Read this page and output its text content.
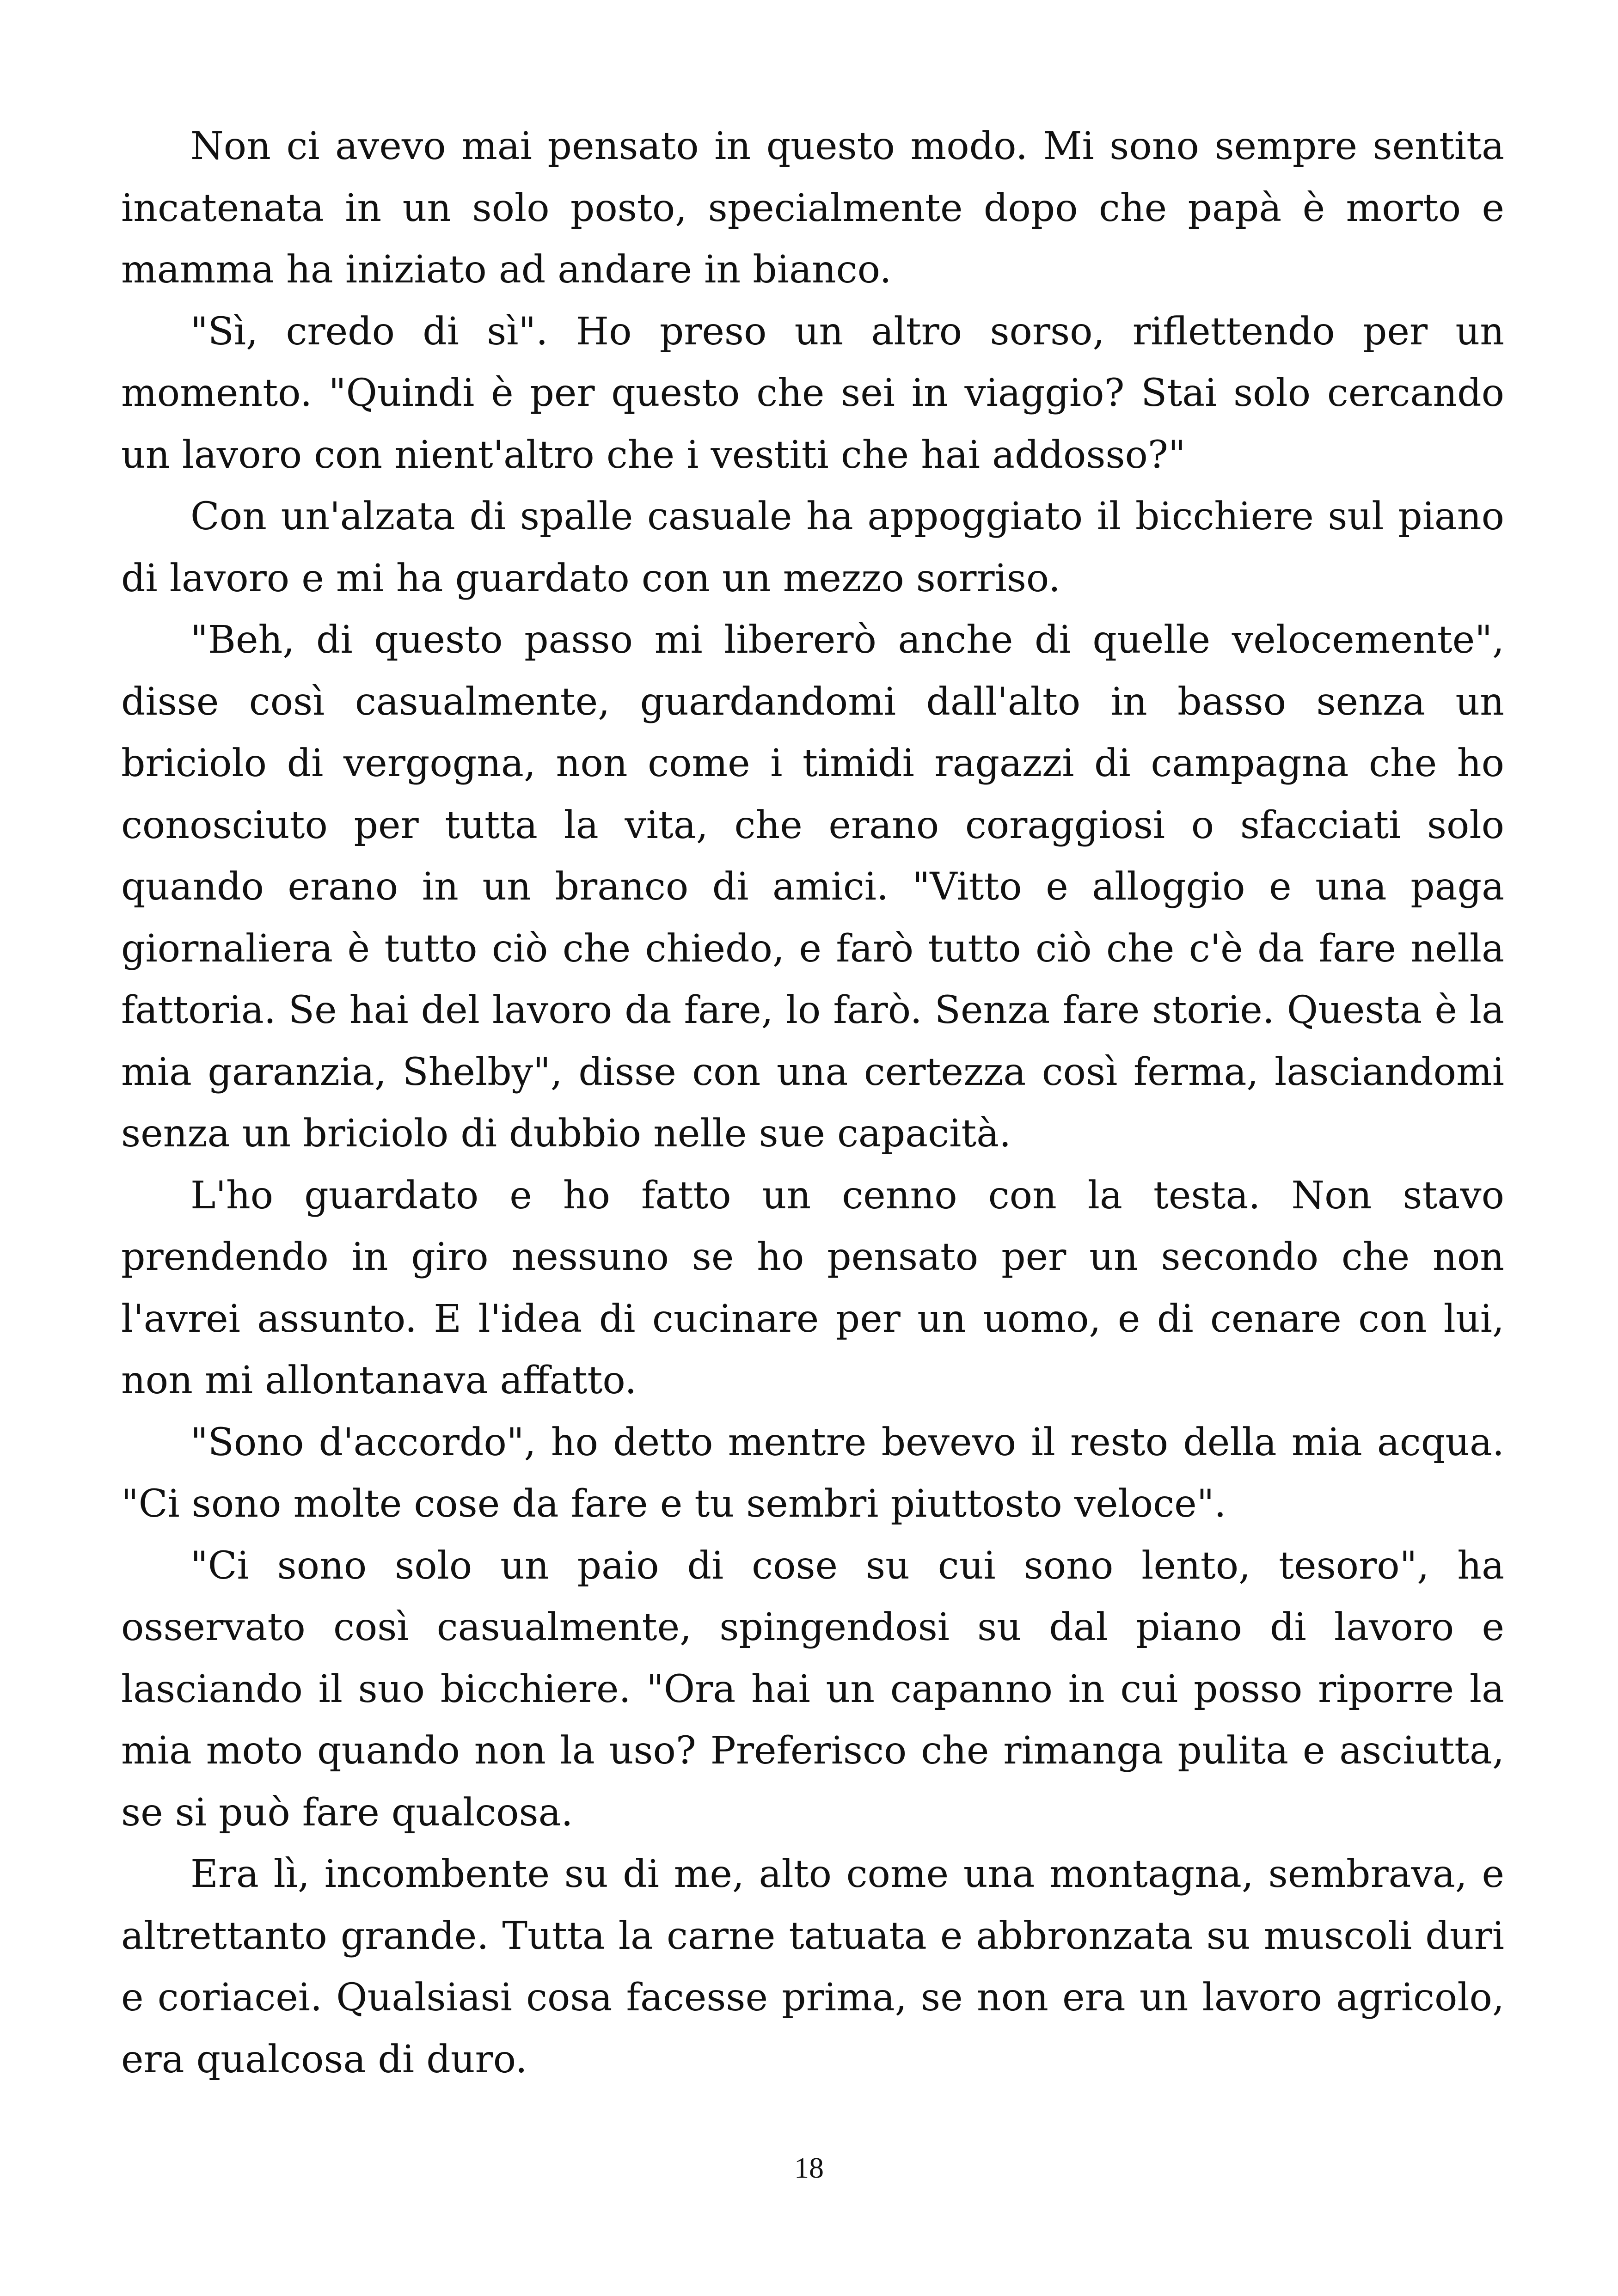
Non ci avevo mai pensato in questo modo. Mi sono sempre sentita incatenata in un solo posto, specialmente dopo che papà è morto e mamma ha iniziato ad andare in bianco.

"Sì, credo di sì". Ho preso un altro sorso, riflettendo per un momento. "Quindi è per questo che sei in viaggio? Stai solo cercando un lavoro con nient'altro che i vestiti che hai addosso?"

Con un'alzata di spalle casuale ha appoggiato il bicchiere sul piano di lavoro e mi ha guardato con un mezzo sorriso.

"Beh, di questo passo mi libererò anche di quelle velocemente", disse così casualmente, guardandomi dall'alto in basso senza un briciolo di vergogna, non come i timidi ragazzi di campagna che ho conosciuto per tutta la vita, che erano coraggiosi o sfacciati solo quando erano in un branco di amici. "Vitto e alloggio e una paga giornaliera è tutto ciò che chiedo, e farò tutto ciò che c'è da fare nella fattoria. Se hai del lavoro da fare, lo farò. Senza fare storie. Questa è la mia garanzia, Shelby", disse con una certezza così ferma, lasciandomi senza un briciolo di dubbio nelle sue capacità.

L'ho guardato e ho fatto un cenno con la testa. Non stavo prendendo in giro nessuno se ho pensato per un secondo che non l'avrei assunto. E l'idea di cucinare per un uomo, e di cenare con lui, non mi allontanava affatto.

"Sono d'accordo", ho detto mentre bevevo il resto della mia acqua. "Ci sono molte cose da fare e tu sembri piuttosto veloce".

"Ci sono solo un paio di cose su cui sono lento, tesoro", ha osservato così casualmente, spingendosi su dal piano di lavoro e lasciando il suo bicchiere. "Ora hai un capanno in cui posso riporre la mia moto quando non la uso? Preferisco che rimanga pulita e asciutta, se si può fare qualcosa.

Era lì, incombente su di me, alto come una montagna, sembrava, e altrettanto grande. Tutta la carne tatuata e abbronzata su muscoli duri e coriacei. Qualsiasi cosa facesse prima, se non era un lavoro agricolo, era qualcosa di duro.

18
